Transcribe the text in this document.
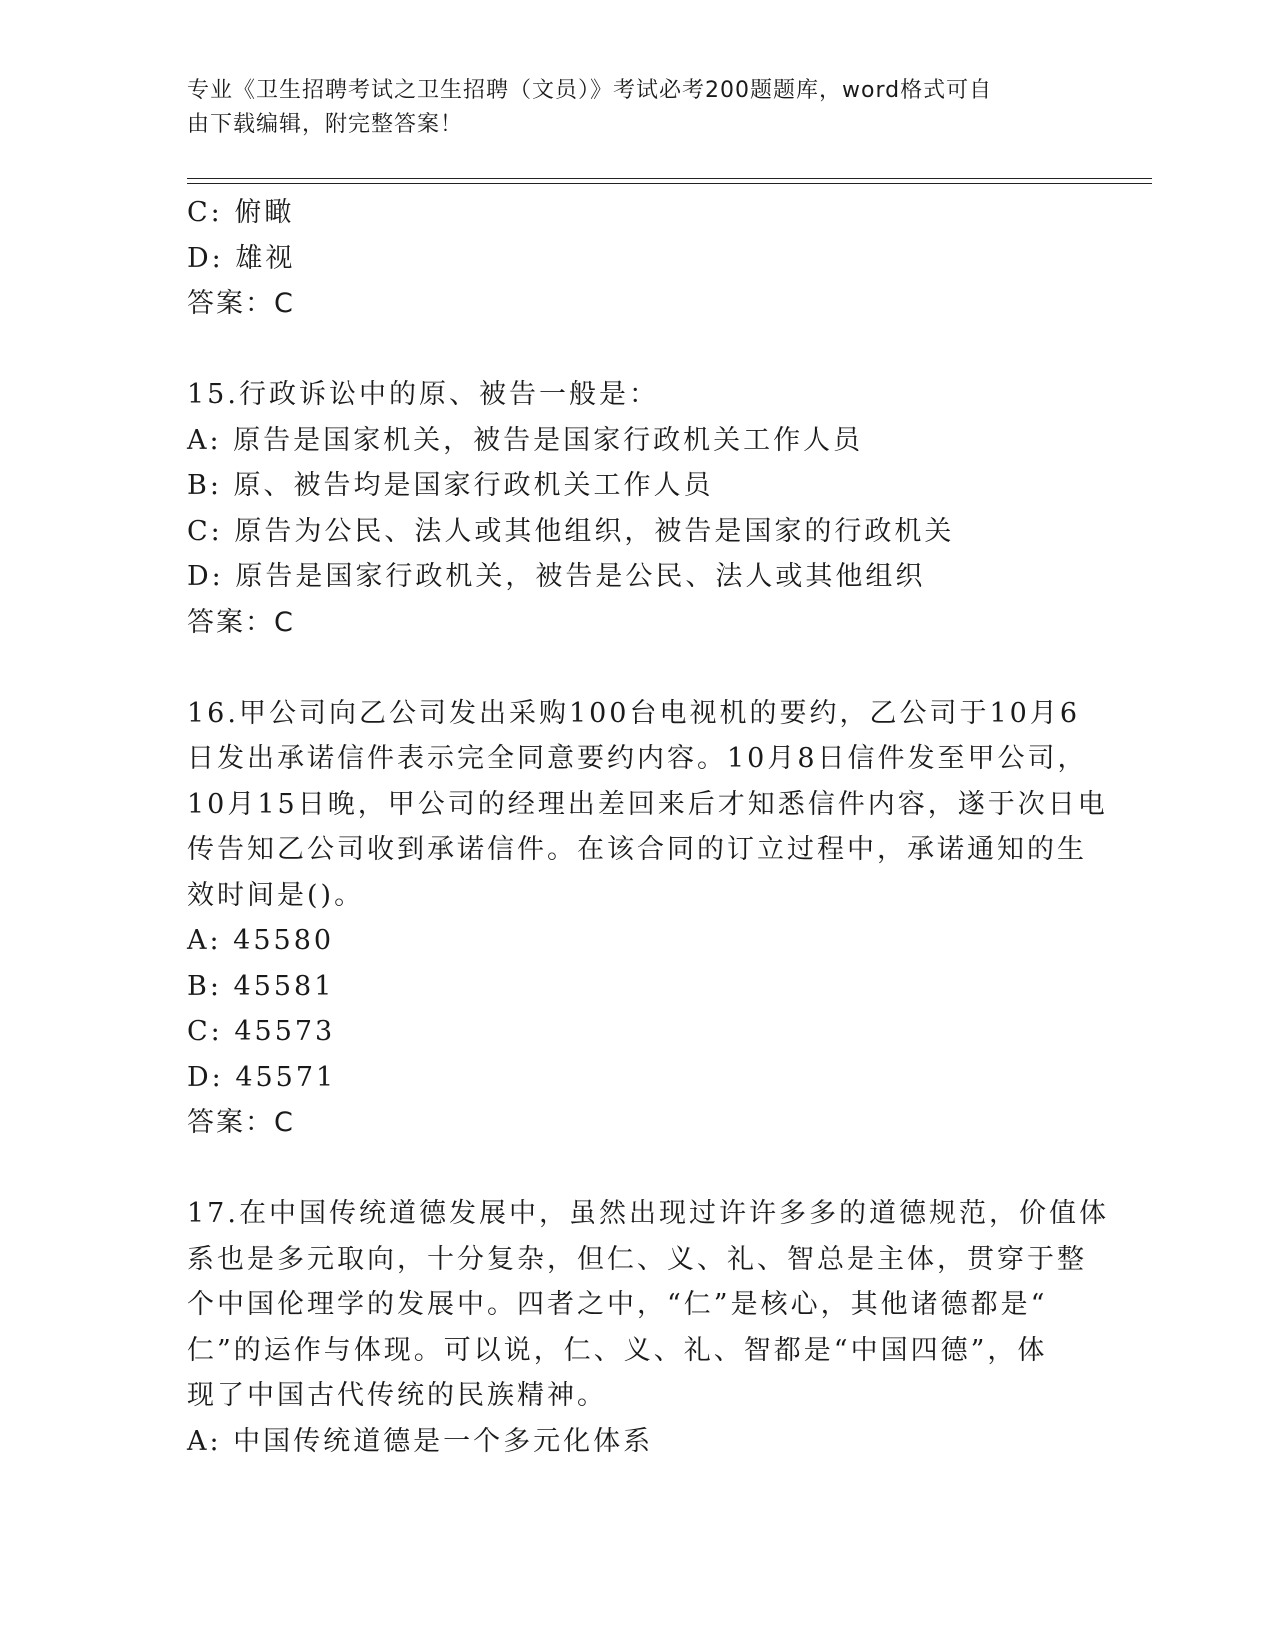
专业《卫生招聘考试之卫生招聘（文员）》考试必考200题题库，word格式可自
由下载编辑，附完整答案！
C: 俯瞰
D: 雄视
答案：C
15.行政诉讼中的原、被告一般是：
A: 原告是国家机关，被告是国家行政机关工作人员
B: 原、被告均是国家行政机关工作人员
C: 原告为公民、法人或其他组织，被告是国家的行政机关
D: 原告是国家行政机关，被告是公民、法人或其他组织
答案：C
16.甲公司向乙公司发出采购100台电视机的要约，乙公司于10月6
日发出承诺信件表示完全同意要约内容。10月8日信件发至甲公司，
10月15日晚，甲公司的经理出差回来后才知悉信件内容，遂于次日电
传告知乙公司收到承诺信件。在该合同的订立过程中，承诺通知的生
效时间是()。
A: 45580
B: 45581
C: 45573
D: 45571
答案：C
17.在中国传统道德发展中，虽然出现过许许多多的道德规范，价值体
系也是多元取向，十分复杂，但仁、义、礼、智总是主体，贯穿于整
个中国伦理学的发展中。四者之中，“仁”是核心，其他诸德都是“
仁”的运作与体现。可以说，仁、义、礼、智都是“中国四德”，体
现了中国古代传统的民族精神。
A: 中国传统道德是一个多元化体系
